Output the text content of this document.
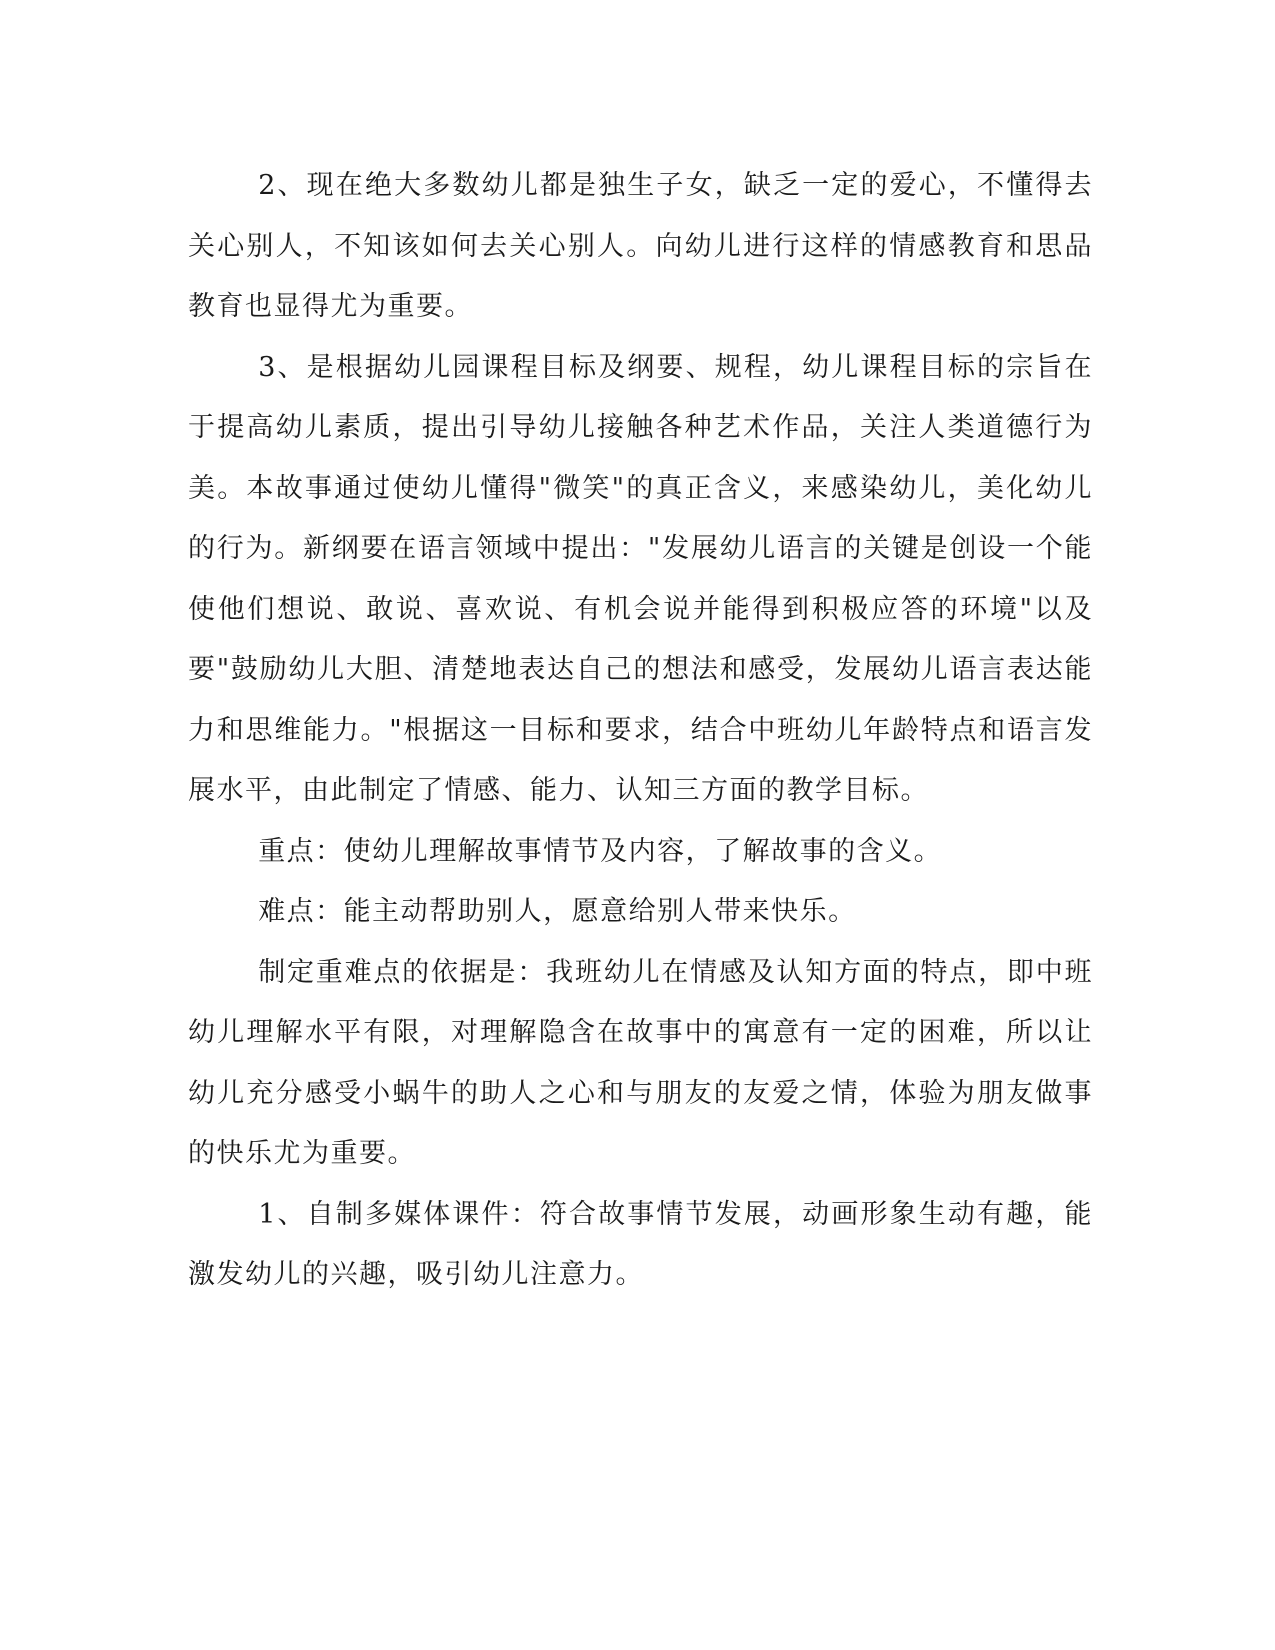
2、现在绝大多数幼儿都是独生子女，缺乏一定的爱心，不懂得去关心别人，不知该如何去关心别人。向幼儿进行这样的情感教育和思品教育也显得尤为重要。

3、是根据幼儿园课程目标及纲要、规程，幼儿课程目标的宗旨在于提高幼儿素质，提出引导幼儿接触各种艺术作品，关注人类道德行为美。本故事通过使幼儿懂得"微笑"的真正含义，来感染幼儿，美化幼儿的行为。新纲要在语言领域中提出："发展幼儿语言的关键是创设一个能使他们想说、敢说、喜欢说、有机会说并能得到积极应答的环境"以及要"鼓励幼儿大胆、清楚地表达自己的想法和感受，发展幼儿语言表达能力和思维能力。"根据这一目标和要求，结合中班幼儿年龄特点和语言发展水平，由此制定了情感、能力、认知三方面的教学目标。

重点：使幼儿理解故事情节及内容，了解故事的含义。

难点：能主动帮助别人，愿意给别人带来快乐。

制定重难点的依据是：我班幼儿在情感及认知方面的特点，即中班幼儿理解水平有限，对理解隐含在故事中的寓意有一定的困难，所以让幼儿充分感受小蜗牛的助人之心和与朋友的友爱之情，体验为朋友做事的快乐尤为重要。

1、自制多媒体课件：符合故事情节发展，动画形象生动有趣，能激发幼儿的兴趣，吸引幼儿注意力。
